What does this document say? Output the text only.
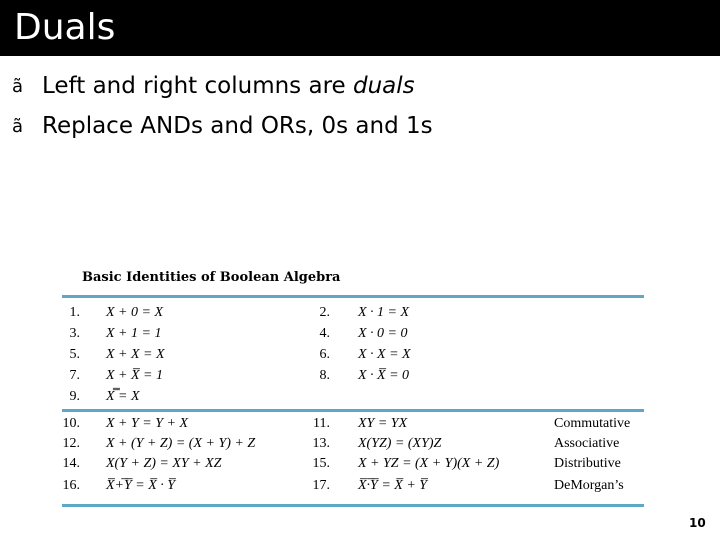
Duals
ã Left and right columns are duals
ã Replace ANDs and ORs, 0s and 1s
Basic Identities of Boolean Algebra
1. X + 0 = X	2. X · 1 = X
3. X + 1 = 1	4. X · 0 = 0
5. X + X = X	6. X · X = X
7. X + X̅ = 1	8. X · X̅ = 0
9. X̿ = X
10. X + Y = Y + X	11. XY = YX	Commutative
12. X + (Y + Z) = (X + Y) + Z	13. X(YZ) = (XY)Z	Associative
14. X(Y + Z) = XY + XZ	15. X + YZ = (X + Y)(X + Z)	Distributive
16. X̅+̅Y̅ = X̅ · Y̅	17. X̅·̅Y̅ = X̅ + Y̅	DeMorgan’s
10
